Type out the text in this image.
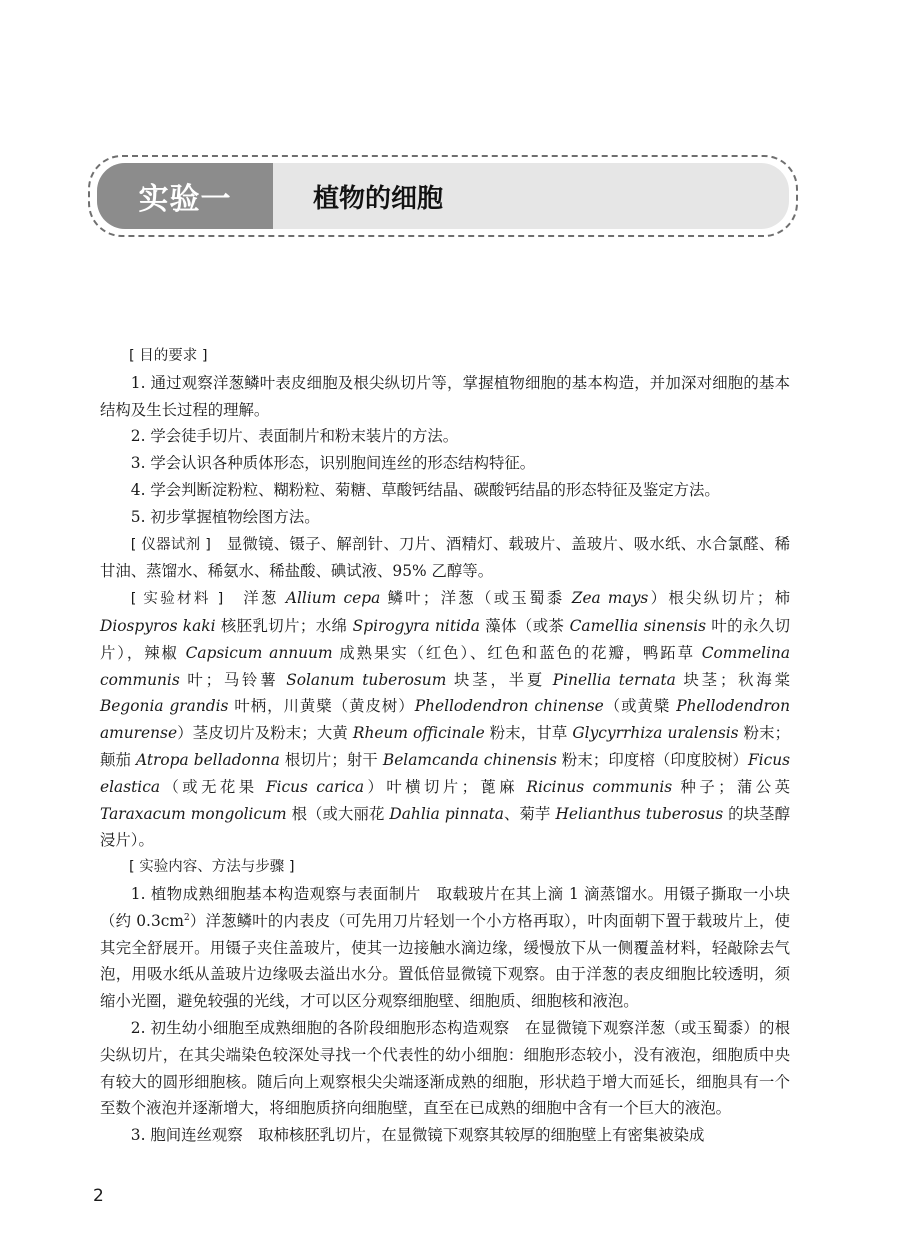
实验一	植物的细胞

[ 目的要求 ]

1. 通过观察洋葱鳞叶表皮细胞及根尖纵切片等，掌握植物细胞的基本构造，并加深对细胞的基本结构及生长过程的理解。

2. 学会徒手切片、表面制片和粉末装片的方法。

3. 学会认识各种质体形态，识别胞间连丝的形态结构特征。

4. 学会判断淀粉粒、糊粉粒、菊糖、草酸钙结晶、碳酸钙结晶的形态特征及鉴定方法。

5. 初步掌握植物绘图方法。

[ 仪器试剂 ]　 显微镜、镊子、解剖针、刀片、酒精灯、载玻片、盖玻片、吸水纸、水合氯醛、稀甘油、蒸馏水、稀氨水、稀盐酸、碘试液、95% 乙醇等。

[ 实验材料 ]　 洋葱 Allium cepa 鳞叶；洋葱（或玉蜀黍 Zea mays）根尖纵切片；柿 Diospyros kaki 核胚乳切片；水绵 Spirogyra nitida 藻体（或茶 Camellia sinensis 叶的永久切片），辣椒 Capsicum annuum 成熟果实（红色）、红色和蓝色的花瓣，鸭跖草 Commelina communis 叶；马铃薯 Solanum tuberosum 块茎，半夏 Pinellia ternata 块茎；秋海棠 Begonia grandis 叶柄，川黄檗（黄皮树）Phellodendron chinense（或黄檗 Phellodendron amurense）茎皮切片及粉末；大黄 Rheum officinale 粉末，甘草 Glycyrrhiza uralensis 粉末；颠茄 Atropa belladonna 根切片；射干 Belamcanda chinensis 粉末；印度榕（印度胶树）Ficus elastica（或无花果 Ficus carica）叶横切片；蓖麻 Ricinus communis 种子；蒲公英 Taraxacum mongolicum 根（或大丽花 Dahlia pinnata、菊芋 Helianthus tuberosus 的块茎醇浸片）。

[ 实验内容、方法与步骤 ]

1. 植物成熟细胞基本构造观察与表面制片　取载玻片在其上滴 1 滴蒸馏水。用镊子撕取一小块（约 $0.3cm^2$）洋葱鳞叶的内表皮（可先用刀片轻划一个小方格再取），叶肉面朝下置于载玻片上，使其完全舒展开。用镊子夹住盖玻片，使其一边接触水滴边缘，缓慢放下从一侧覆盖材料，轻敲除去气泡，用吸水纸从盖玻片边缘吸去溢出水分。置低倍显微镜下观察。由于洋葱的表皮细胞比较透明，须缩小光圈，避免较强的光线，才可以区分观察细胞壁、细胞质、细胞核和液泡。

2. 初生幼小细胞至成熟细胞的各阶段细胞形态构造观察　在显微镜下观察洋葱（或玉蜀黍）的根尖纵切片，在其尖端染色较深处寻找一个代表性的幼小细胞：细胞形态较小，没有液泡，细胞质中央有较大的圆形细胞核。随后向上观察根尖尖端逐渐成熟的细胞，形状趋于增大而延长，细胞具有一个至数个液泡并逐渐增大，将细胞质挤向细胞壁，直至在已成熟的细胞中含有一个巨大的液泡。

3. 胞间连丝观察　取柿核胚乳切片，在显微镜下观察其较厚的细胞壁上有密集被染成

2
